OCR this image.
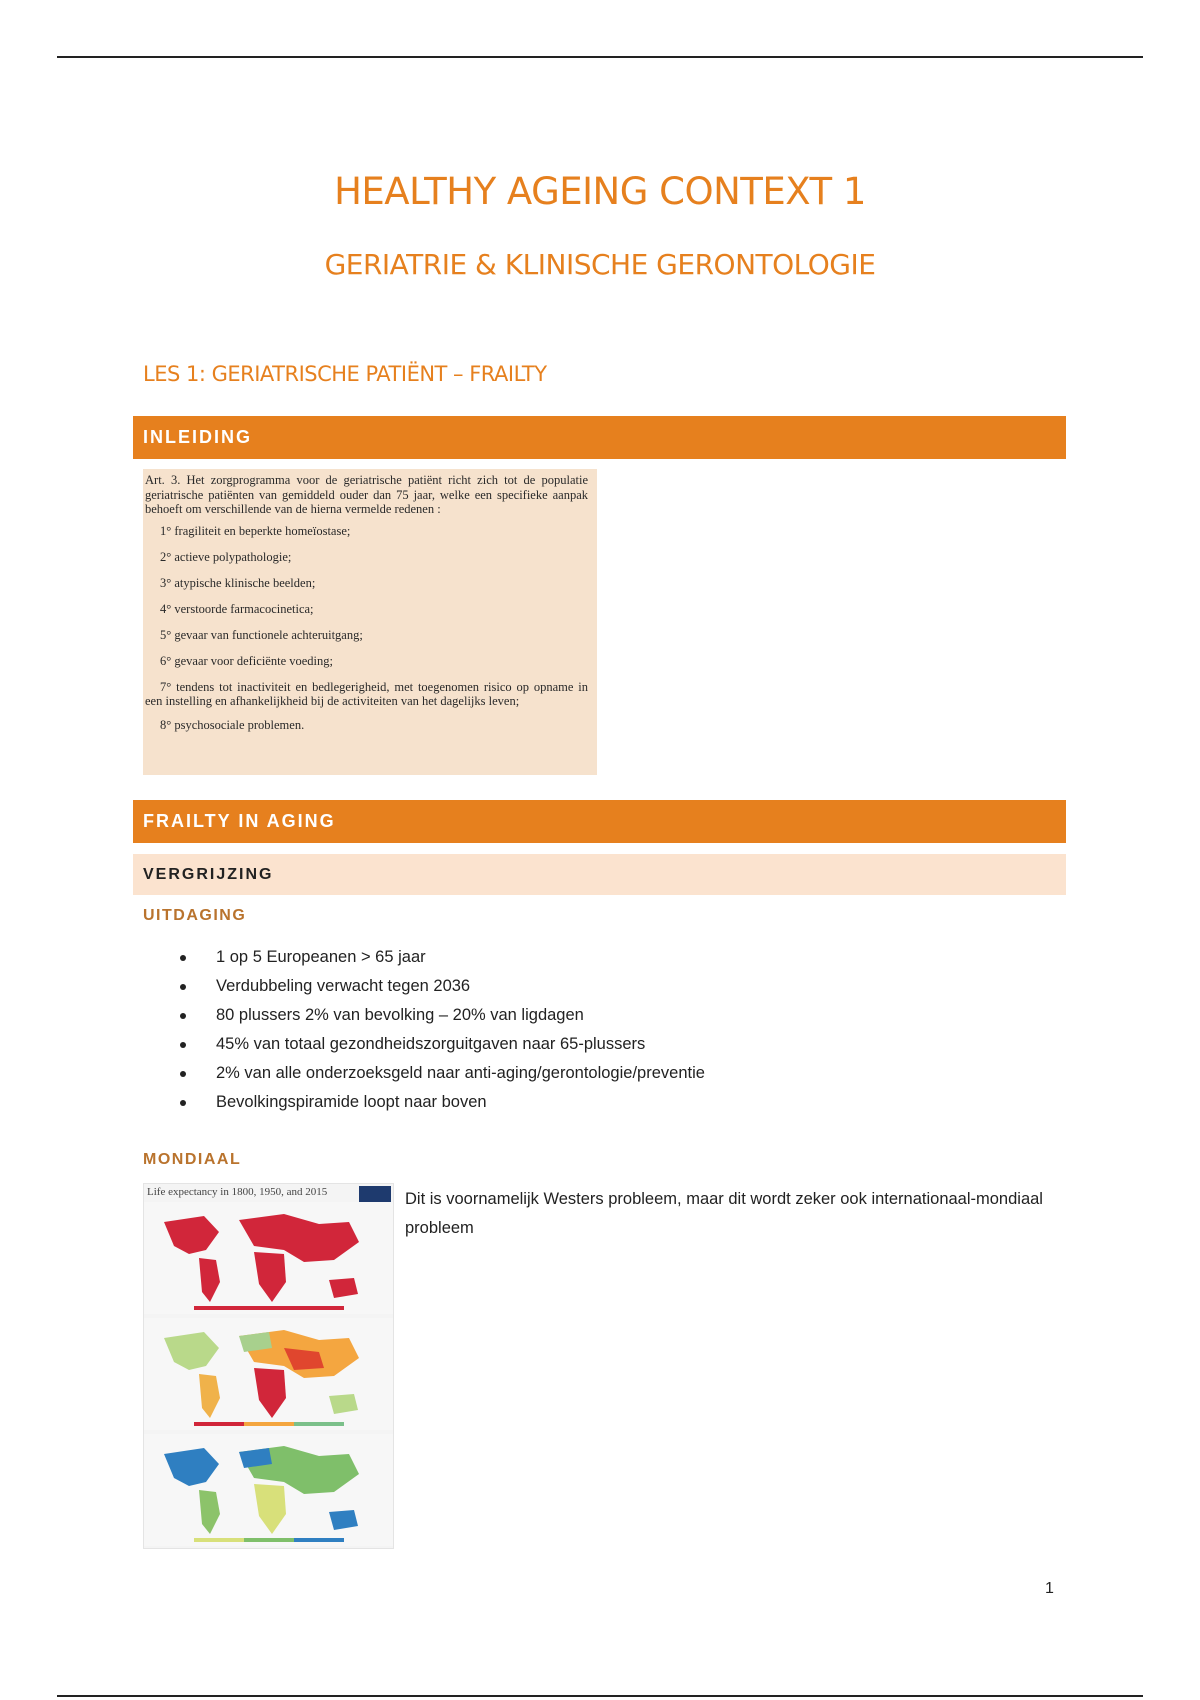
HEALTHY AGEING CONTEXT 1
GERIATRIE & KLINISCHE GERONTOLOGIE
LES 1: GERIATRISCHE PATIËNT – FRAILTY
INLEIDING

Art. 3. Het zorgprogramma voor de geriatrische patiënt richt zich tot de populatie geriatrische patiënten van gemiddeld ouder dan 75 jaar, welke een specifieke aanpak behoeft om verschillende van de hierna vermelde redenen :

1° fragiliteit en beperkte homeïostase;
2° actieve polypathologie;
3° atypische klinische beelden;
4° verstoorde farmacocinetica;
5° gevaar van functionele achteruitgang;
6° gevaar voor deficiënte voeding;
7° tendens tot inactiviteit en bedlegerigheid, met toegenomen risico op opname in een instelling en afhankelijkheid bij de activiteiten van het dagelijks leven;
8° psychosociale problemen.
FRAILTY IN AGING
VERGRIJZING
UITDAGING
1 op 5 Europeanen > 65 jaar
Verdubbeling verwacht tegen 2036
80 plussers 2% van bevolking – 20% van ligdagen
45% van totaal gezondheidszorguitgaven naar 65-plussers
2% van alle onderzoeksgeld naar anti-aging/gerontologie/preventie
Bevolkingspiramide loopt naar boven
MONDIAAL
Life expectancy in 1800, 1950, and 2015	Dit is voornamelijk Westers probleem, maar dit wordt zeker ook internationaal-mondiaal probleem
1
